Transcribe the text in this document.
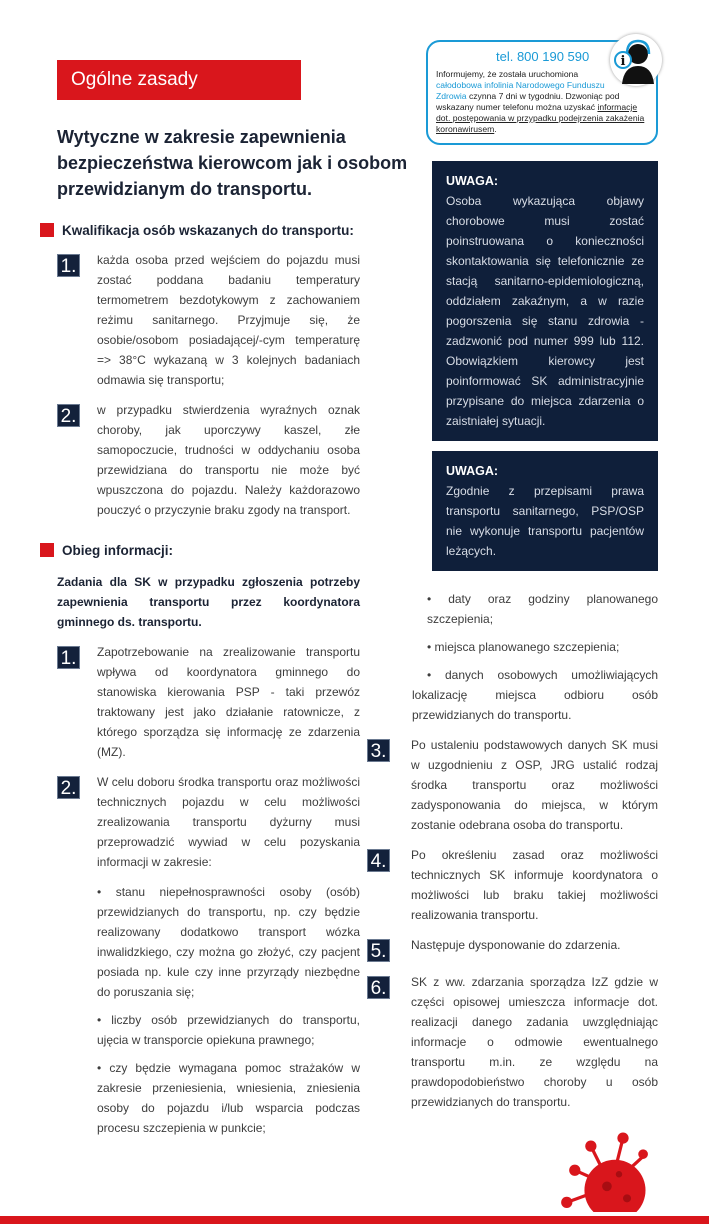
Ogólne zasady
Wytyczne w zakresie zapewnienia
bezpieczeństwa kierowcom jak i osobom
przewidzianym do transportu.
Kwalifikacja osób wskazanych do transportu:
1. każda osoba przed wejściem do pojazdu musi zostać poddana badaniu temperatury termometrem bezdotykowym z zachowaniem reżimu sanitarnego. Przyjmuje się, że osobie/osobom posiadającej/-cym temperaturę => 38°C wykazaną w 3 kolejnych badaniach odmawia się transportu;
2. w przypadku stwierdzenia wyraźnych oznak choroby, jak uporczywy kaszel, złe samopoczucie, trudności w oddychaniu osoba przewidziana do transportu nie może być wpuszczona do pojazdu. Należy każdorazowo pouczyć o przyczynie braku zgody na transport.
Obieg informacji:
Zadania dla SK w przypadku zgłoszenia potrzeby zapewnienia transportu przez koordynatora gminnego ds. transportu.
1. Zapotrzebowanie na zrealizowanie transportu wpływa od koordynatora gminnego do stanowiska kierowania PSP - taki przewóz traktowany jest jako działanie ratownicze, z którego sporządza się informację ze zdarzenia (MZ).
2. W celu doboru środka transportu oraz możliwości technicznych pojazdu w celu możliwości zrealizowania transportu dyżurny musi przeprowadzić wywiad w celu pozyskania informacji w zakresie:
• stanu niepełnosprawności osoby (osób) przewidzianych do transportu, np. czy będzie realizowany dodatkowo transport wózka inwalidzkiego, czy można go złożyć, czy pacjent posiada np. kule czy inne przyrządy niezbędne do poruszania się;
• liczby osób przewidzianych do transportu, ujęcia w transporcie opiekuna prawnego;
• czy będzie wymagana pomoc strażaków w zakresie przeniesienia, wniesienia, zniesienia osoby do pojazdu i/lub wsparcia podczas procesu szczepienia w punkcie;
i
tel. 800 190 590
Informujemy, że została uruchomiona całodobowa infolinia Narodowego Funduszu Zdrowia czynna 7 dni w tygodniu. Dzwoniąc pod wskazany numer telefonu można uzyskać informacje dot. postępowania w przypadku podejrzenia zakażenia koronawirusem.
UWAGA:
Osoba wykazująca objawy chorobowe musi zostać poinstruowana o konieczności skontaktowania się telefonicznie ze stacją sanitarno-epidemiologiczną, oddziałem zakaźnym, a w razie pogorszenia się stanu zdrowia - zadzwonić pod numer 999 lub 112. Obowiązkiem kierowcy jest poinformować SK administracyjnie przypisane do miejsca zdarzenia o zaistniałej sytuacji.
UWAGA:
Zgodnie z przepisami prawa transportu sanitarnego, PSP/OSP nie wykonuje transportu pacjentów leżących.
• daty oraz godziny planowanego szczepienia;
• miejsca planowanego szczepienia;
• danych osobowych umożliwiających lokalizację miejsca odbioru osób przewidzianych do transportu.
3. Po ustaleniu podstawowych danych SK musi w uzgodnieniu z OSP, JRG ustalić rodzaj środka transportu oraz możliwości zadysponowania do miejsca, w którym zostanie odebrana osoba do transportu.
4. Po określeniu zasad oraz możliwości technicznych SK informuje koordynatora o możliwości lub braku takiej możliwości realizowania transportu.
5. Następuje dysponowanie do zdarzenia.
6. SK z ww. zdarzania sporządza IzZ gdzie w części opisowej umieszcza informacje dot. realizacji danego zadania uwzględniając informacje o odmowie ewentualnego transportu m.in. ze względu na prawdopodobieństwo choroby u osób przewidzianych do transportu.
